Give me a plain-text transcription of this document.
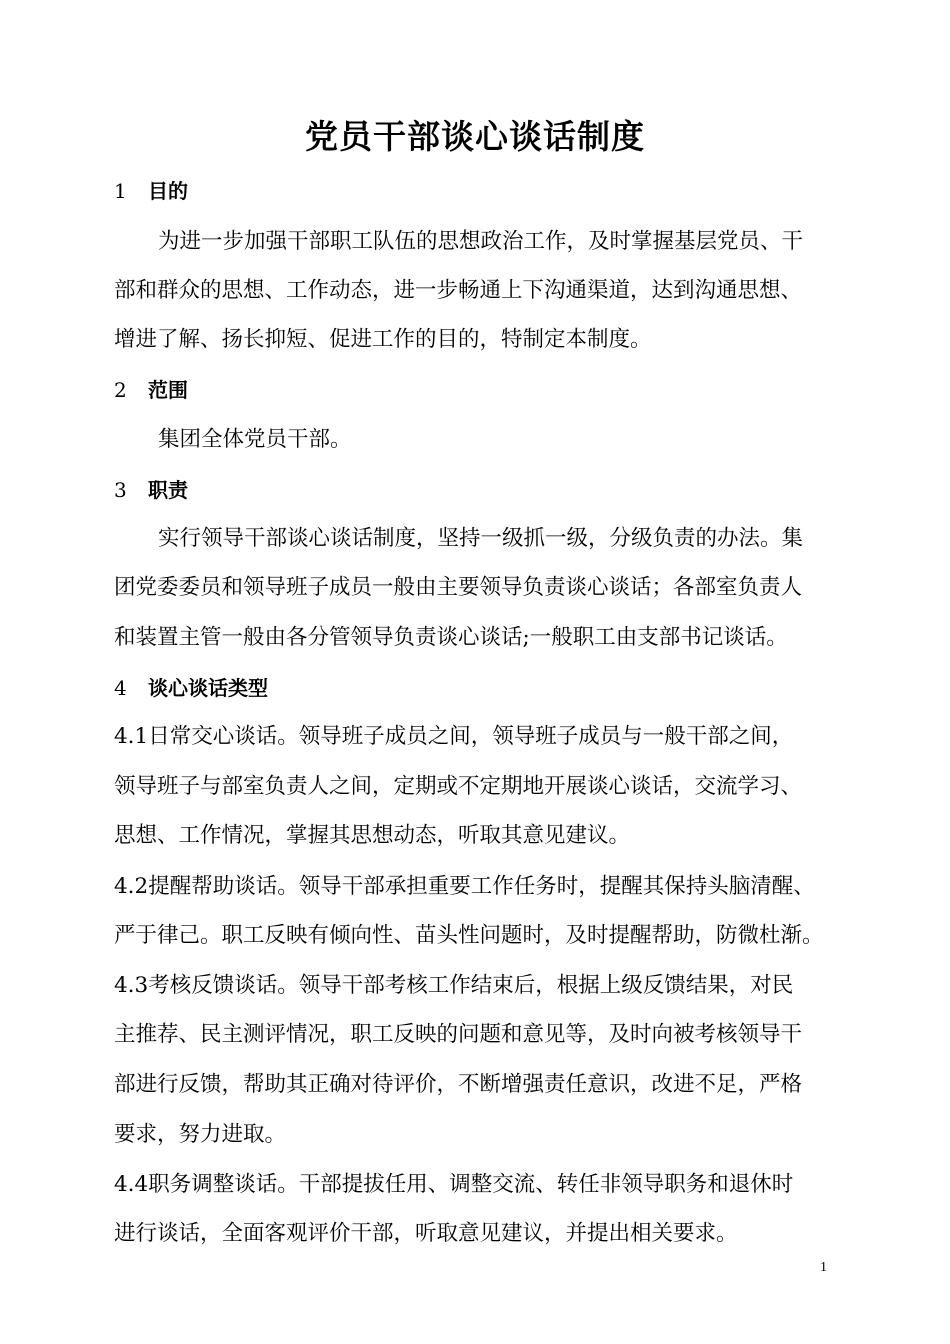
党员干部谈心谈话制度
1 目的
为进一步加强干部职工队伍的思想政治工作，及时掌握基层党员、干
部和群众的思想、工作动态，进一步畅通上下沟通渠道，达到沟通思想、
增进了解、扬长抑短、促进工作的目的，特制定本制度。
2 范围
集团全体党员干部。
3 职责
实行领导干部谈心谈话制度，坚持一级抓一级，分级负责的办法。集
团党委委员和领导班子成员一般由主要领导负责谈心谈话；各部室负责人
和装置主管一般由各分管领导负责谈心谈话;一般职工由支部书记谈话。
4 谈心谈话类型
4.1日常交心谈话。领导班子成员之间，领导班子成员与一般干部之间，
领导班子与部室负责人之间，定期或不定期地开展谈心谈话，交流学习、
思想、工作情况，掌握其思想动态，听取其意见建议。
4.2提醒帮助谈话。领导干部承担重要工作任务时，提醒其保持头脑清醒、
严于律己。职工反映有倾向性、苗头性问题时，及时提醒帮助，防微杜渐。
4.3考核反馈谈话。领导干部考核工作结束后，根据上级反馈结果，对民
主推荐、民主测评情况，职工反映的问题和意见等，及时向被考核领导干
部进行反馈，帮助其正确对待评价，不断增强责任意识，改进不足，严格
要求，努力进取。
4.4职务调整谈话。干部提拔任用、调整交流、转任非领导职务和退休时
进行谈话，全面客观评价干部，听取意见建议，并提出相关要求。
1
